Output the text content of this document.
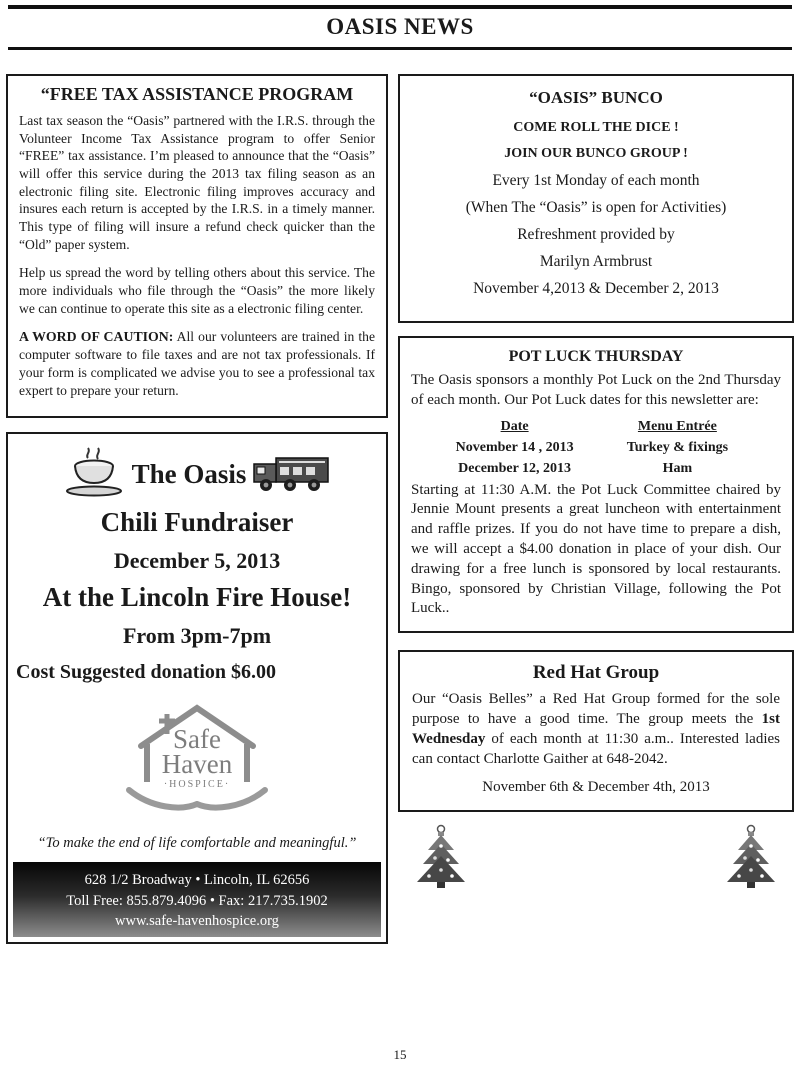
OASIS NEWS
“FREE TAX ASSISTANCE PROGRAM

Last tax season the “Oasis” partnered with the I.R.S. through the Volunteer Income Tax Assistance program to offer Senior “FREE” tax assistance. I’m pleased to announce that the “Oasis” will offer this service during the 2013 tax filing season as an electronic filing site. Electronic filing improves accuracy and insures each return is accepted by the I.R.S. in a timely manner. This type of filing will insure a refund check quicker than the “Old” paper system.

Help us spread the word by telling others about this service. The more individuals who file through the “Oasis” the more likely we can continue to operate this site as a electronic filing center.

A WORD OF CAUTION: All our volunteers are trained in the computer software to file taxes and are not tax professionals. If your form is complicated we advise you to see a professional tax expert to prepare your return.

The Oasis
Chili Fundraiser
December 5, 2013
At the Lincoln Fire House!
From 3pm-7pm
Cost Suggested donation $6.00
Safe
Haven
·HOSPICE·
“To make the end of life comfortable and meaningful.”
628 1/2 Broadway • Lincoln, IL 62656
Toll Free: 855.879.4096 • Fax: 217.735.1902
www.safe-havenhospice.org
“OASIS” BUNCO
COME ROLL THE DICE !
JOIN OUR BUNCO GROUP !
Every 1st Monday of each month
(When The “Oasis” is open for Activities)
Refreshment provided by
Marilyn Armbrust
November 4,2013 & December 2, 2013
POT LUCK THURSDAY

The Oasis sponsors a monthly Pot Luck on the 2nd Thursday of each month. Our Pot Luck dates for this newsletter are:

Date	Menu Entrée
November 14 , 2013	Turkey & fixings
December 12, 2013	Ham

Starting at 11:30 A.M. the Pot Luck Committee chaired by Jennie Mount presents a great luncheon with entertainment and raffle prizes. If you do not have time to prepare a dish, we will accept a $4.00 donation in place of your dish. Our drawing for a free lunch is sponsored by local restaurants. Bingo, sponsored by Christian Village, following the Pot Luck..

Red Hat Group

Our “Oasis Belles” a Red Hat Group formed for the sole purpose to have a good time. The group meets the 1st Wednesday of each month at 11:30 a.m.. Interested ladies can contact Charlotte Gaither at 648-2042.

November 6th & December 4th, 2013
15
